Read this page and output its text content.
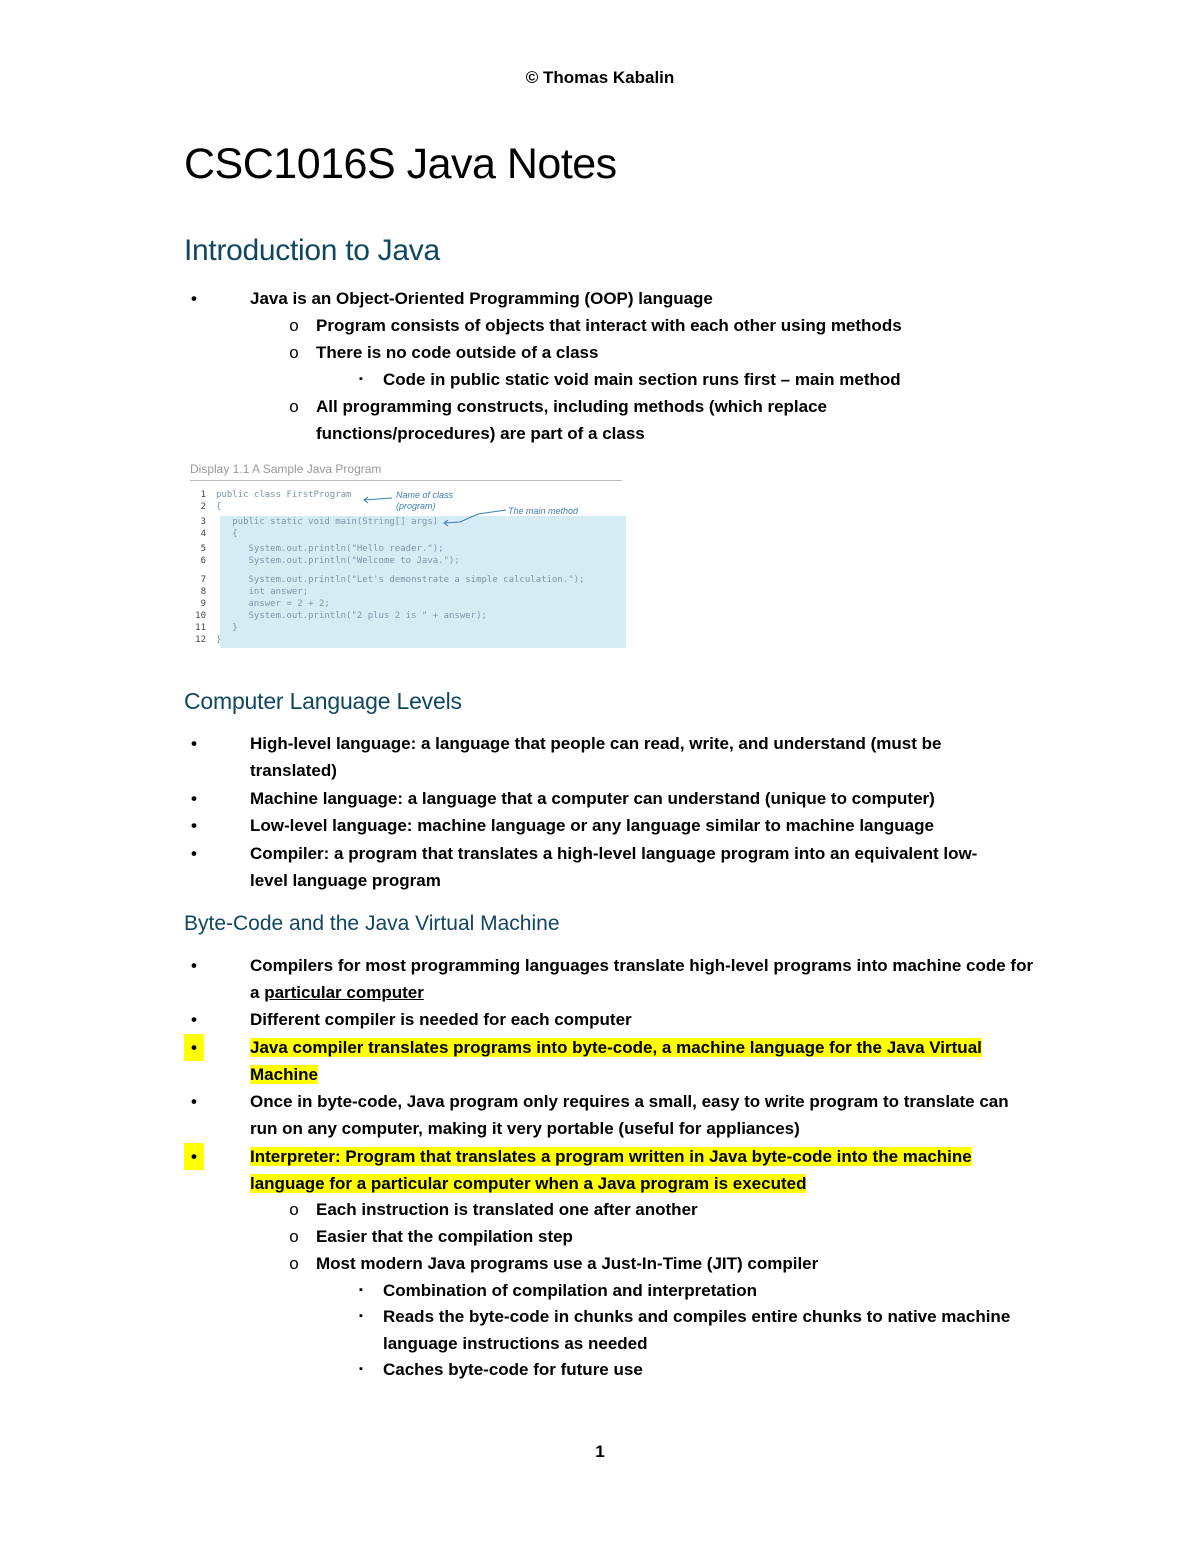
© Thomas Kabalin
CSC1016S Java Notes
Introduction to Java
•	Java is an Object-Oriented Programming (OOP) language
o	Program consists of objects that interact with each other using methods
o	There is no code outside of a class
▪	Code in public static void main section runs first – main method
o	All programming constructs, including methods (which replace functions/procedures) are part of a class
Display 1.1 A Sample Java Program
1 public class FirstProgram
2 {
3   public static void main(String[] args)
4   {
5      System.out.println("Hello reader.");
6      System.out.println("Welcome to Java.");
7      System.out.println("Let's demonstrate a simple calculation.");
8      int answer;
9      answer = 2 + 2;
10      System.out.println("2 plus 2 is " + answer);
11   }
12 }
Name of class (program)	The main method
Computer Language Levels
•	High-level language: a language that people can read, write, and understand (must be translated)
•	Machine language: a language that a computer can understand (unique to computer)
•	Low-level language: machine language or any language similar to machine language
•	Compiler: a program that translates a high-level language program into an equivalent low-level language program
Byte-Code and the Java Virtual Machine
•	Compilers for most programming languages translate high-level programs into machine code for a particular computer
•	Different compiler is needed for each computer
•	Java compiler translates programs into byte-code, a machine language for the Java Virtual Machine
•	Once in byte-code, Java program only requires a small, easy to write program to translate can run on any computer, making it very portable (useful for appliances)
•	Interpreter: Program that translates a program written in Java byte-code into the machine language for a particular computer when a Java program is executed
o	Each instruction is translated one after another
o	Easier that the compilation step
o	Most modern Java programs use a Just-In-Time (JIT) compiler
▪	Combination of compilation and interpretation
▪	Reads the byte-code in chunks and compiles entire chunks to native machine language instructions as needed
▪	Caches byte-code for future use
1
